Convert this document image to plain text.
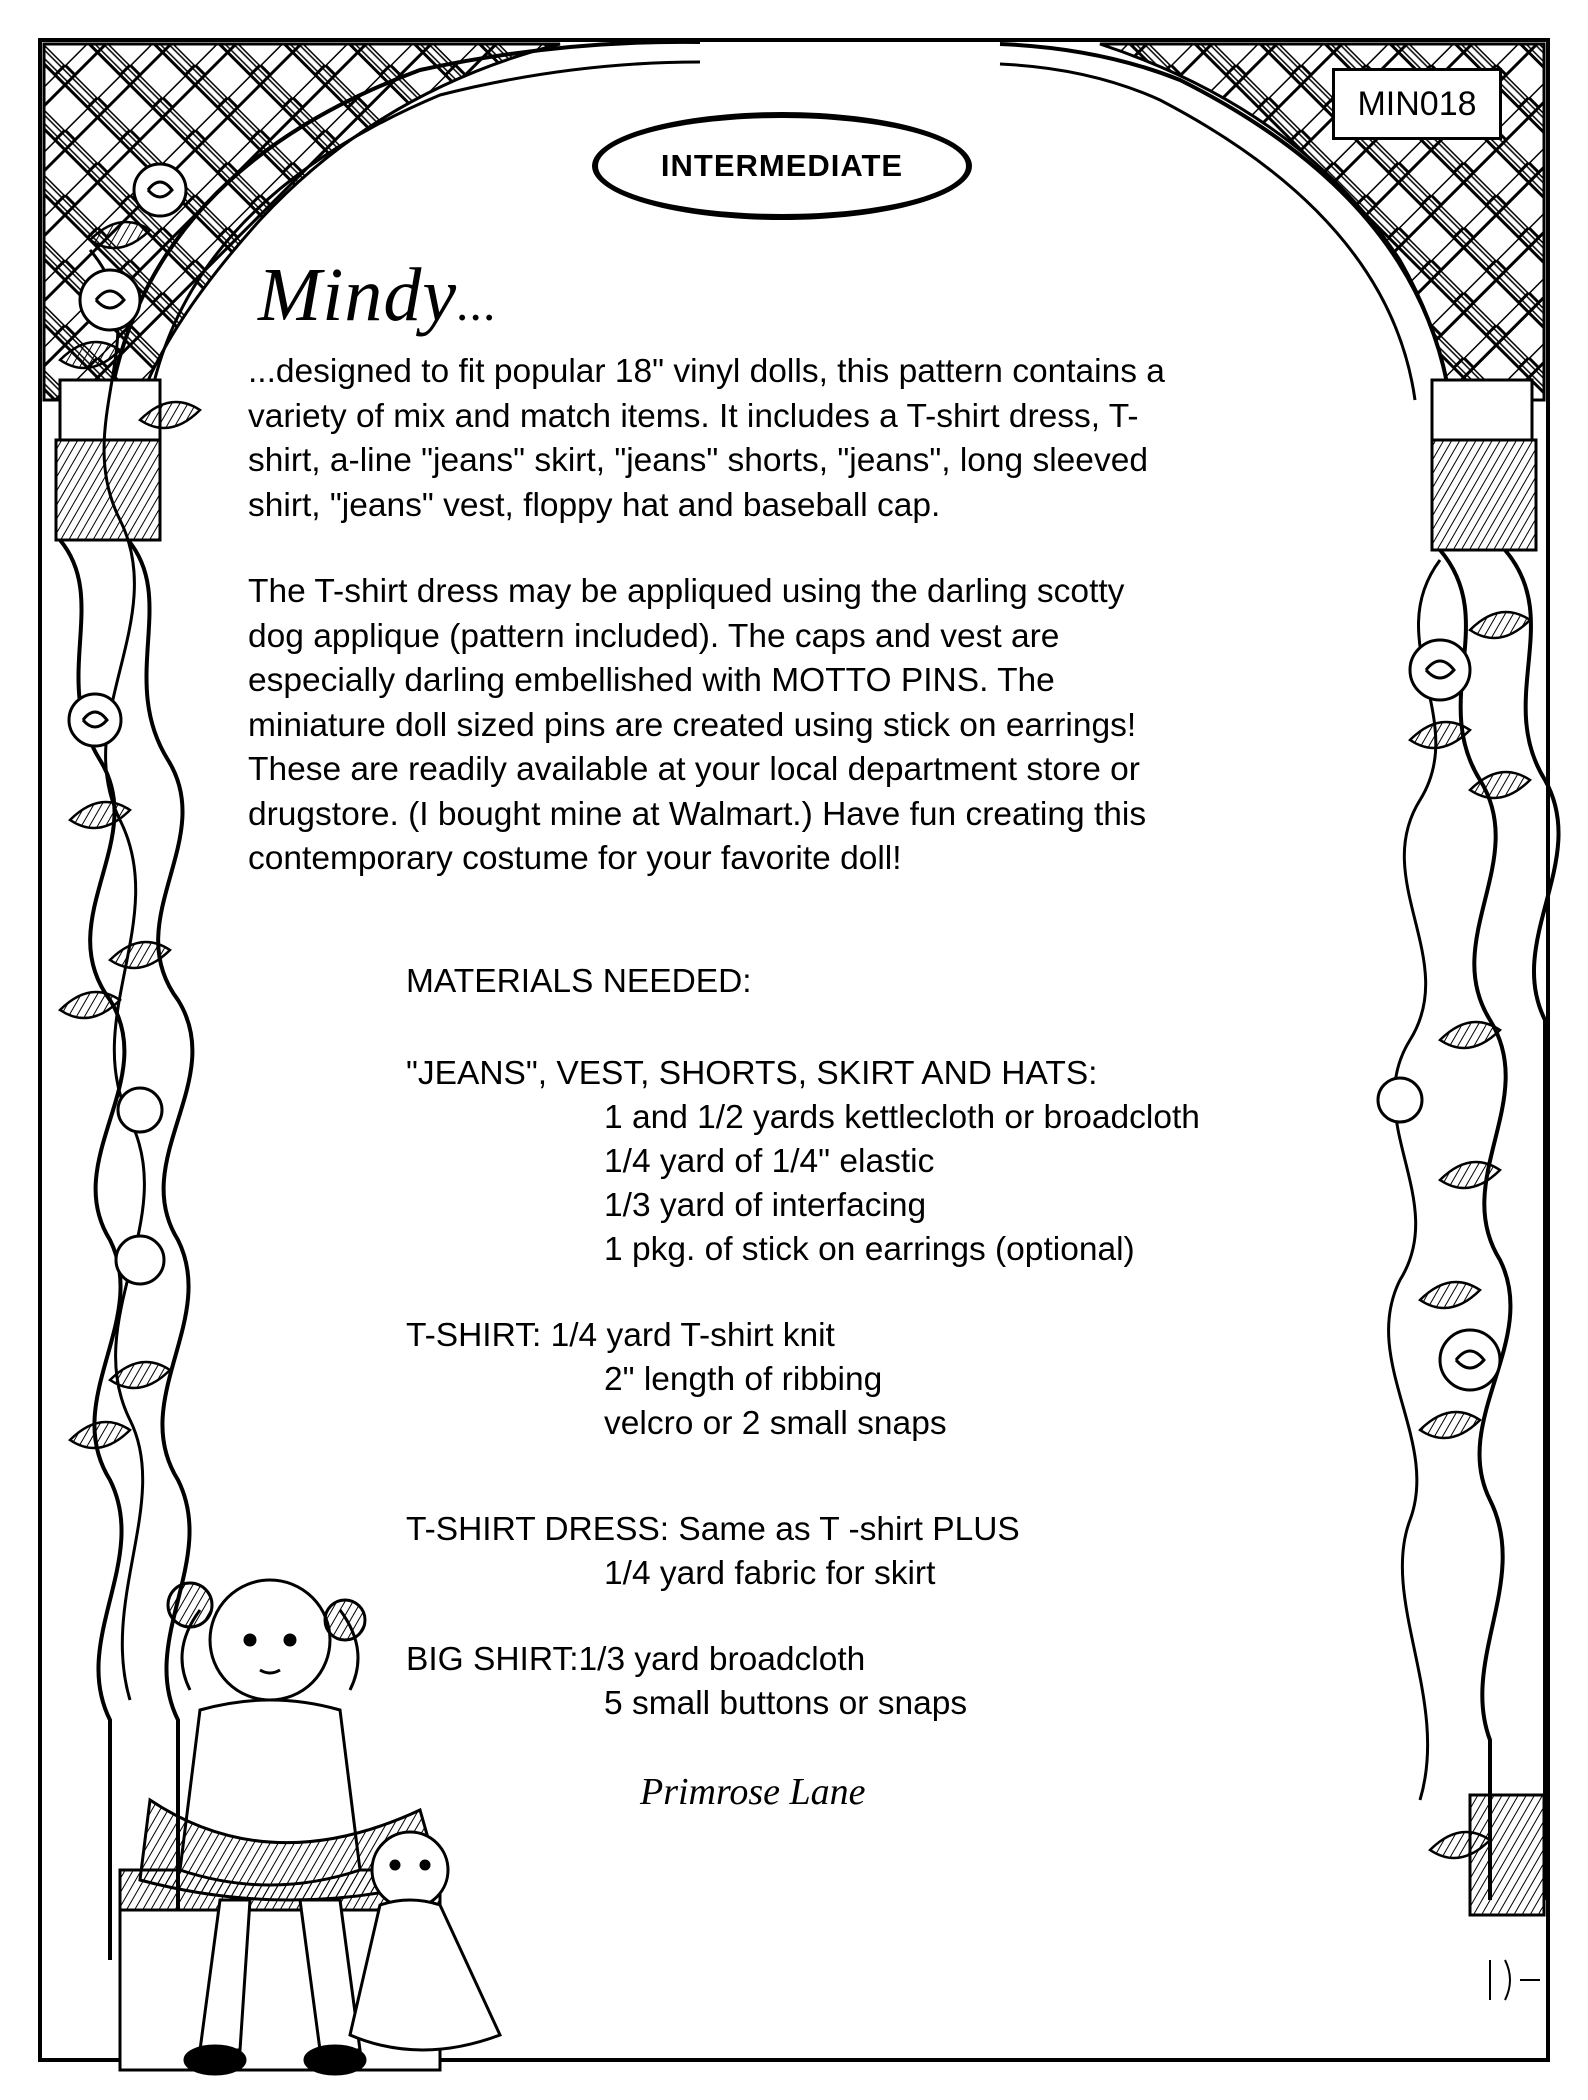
MIN018
INTERMEDIATE
Mindy...
...designed to fit popular 18" vinyl dolls, this pattern contains a
variety of mix and match items. It includes a T-shirt dress, T-
shirt, a-line "jeans" skirt, "jeans" shorts, "jeans", long sleeved
shirt, "jeans" vest, floppy hat and baseball cap.
The T-shirt dress may be appliqued using the darling scotty
dog applique (pattern included). The caps and vest are
especially darling embellished with MOTTO PINS. The
miniature doll sized pins are created using stick on earrings!
These are readily available at your local department store or
drugstore. (I bought mine at Walmart.) Have fun creating this
contemporary costume for your favorite doll!
MATERIALS NEEDED:
"JEANS", VEST, SHORTS, SKIRT AND HATS:
1 and 1/2 yards kettlecloth or broadcloth
1/4 yard of 1/4" elastic
1/3 yard of interfacing
1 pkg. of stick on earrings (optional)
T-SHIRT: 1/4 yard T-shirt knit
2" length of ribbing
velcro or 2 small snaps
T-SHIRT DRESS: Same as T -shirt PLUS
1/4 yard fabric for skirt
BIG SHIRT: 1/3 yard broadcloth
5 small buttons or snaps
Primrose Lane
